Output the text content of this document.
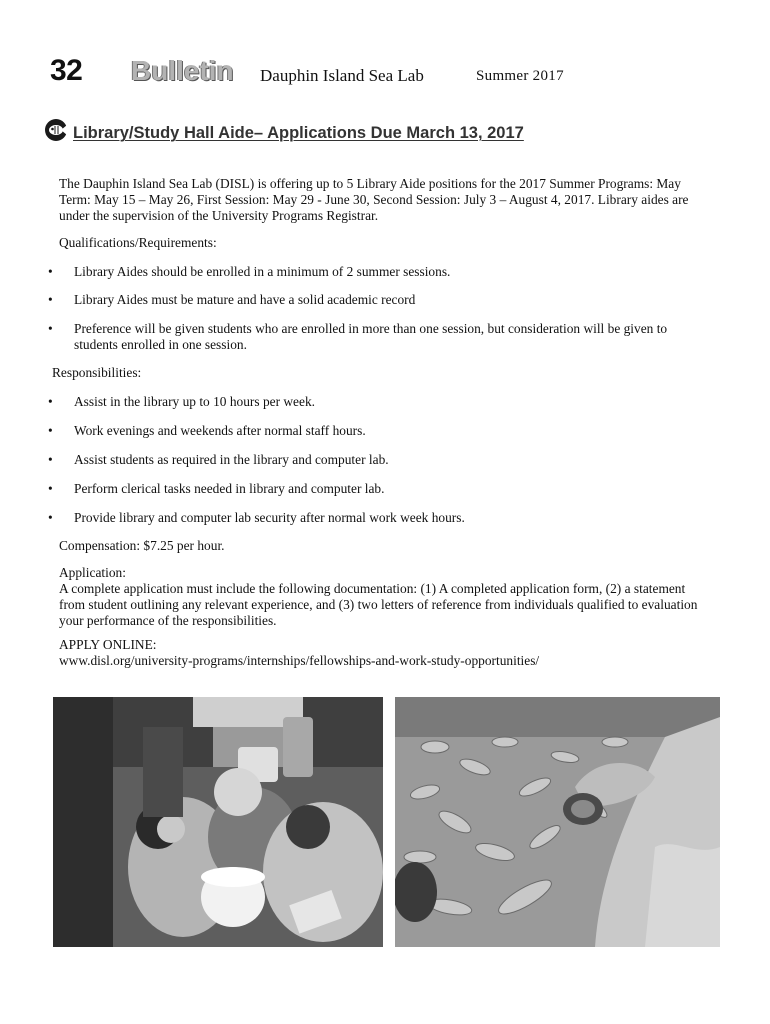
32 Bulletin Dauphin Island Sea Lab	Summer 2017
Library/Study Hall Aide– Applications Due March 13, 2017

The Dauphin Island Sea Lab (DISL) is offering up to 5 Library Aide positions for the 2017 Summer Programs: May Term: May 15 – May 26, First Session: May 29 - June 30, Second Session: July 3 – August 4, 2017. Library aides are under the supervision of the University Programs Registrar.

Qualifications/Requirements:

• Library Aides should be enrolled in a minimum of 2 summer sessions.
• Library Aides must be mature and have a solid academic record
• Preference will be given students who are enrolled in more than one session, but consideration will be given to students enrolled in one session.

Responsibilities:

• Assist in the library up to 10 hours per week.
• Work evenings and weekends after normal staff hours.
• Assist students as required in the library and computer lab.
• Perform clerical tasks needed in library and computer lab.
• Provide library and computer lab security after normal work week hours.

Compensation: $7.25 per hour.

Application:

A complete application must include the following documentation: (1) A completed application form, (2) a statement from student outlining any relevant experience, and (3) two letters of reference from individuals qualified to evaluation your performance of the responsibilities.

APPLY ONLINE:

www.disl.org/university-programs/internships/fellowships-and-work-study-opportunities/
